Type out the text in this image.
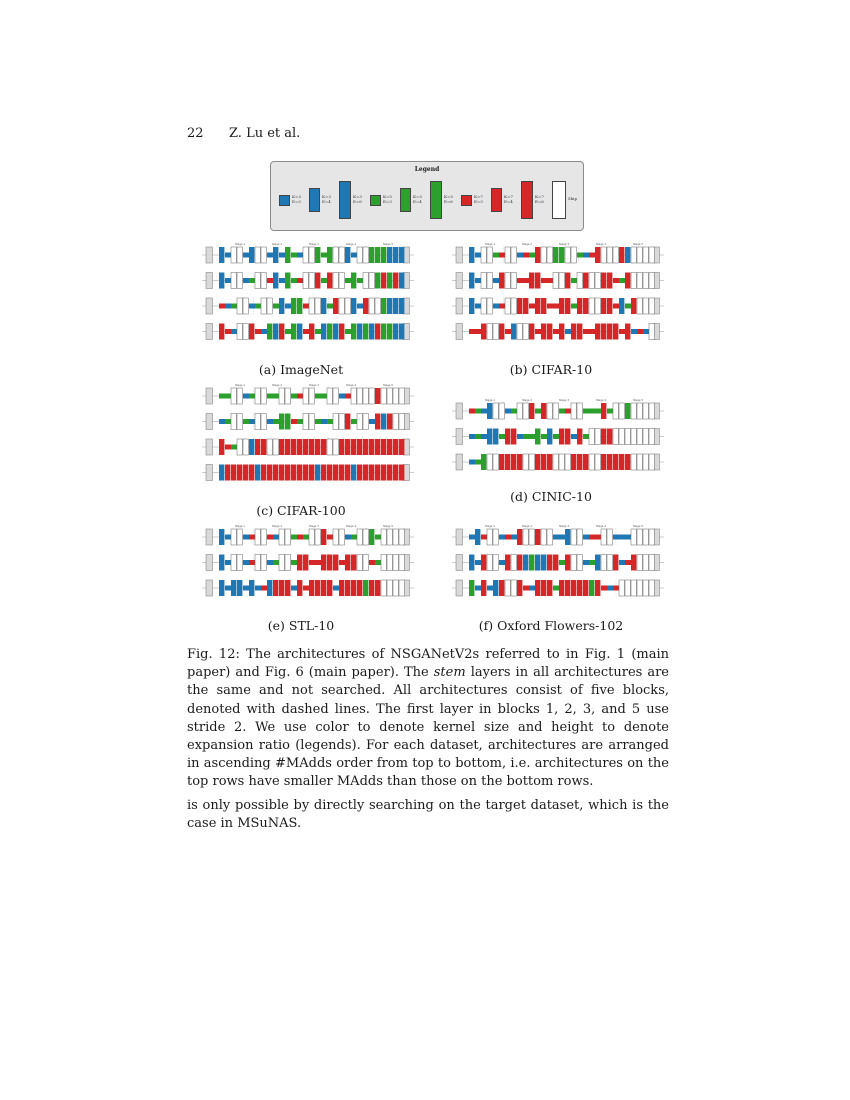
22 Z. Lu et al.
Legend
K=3
E=3
K=3
E=4
K=3
E=6
K=5
E=3
K=5
E=4
K=5
E=6
K=7
E=3
K=7
E=4
K=7
E=6
Skip
Stage 1	Stage 2	Stage 3	Stage 4	Stage 5	Stage 1	Stage 2	Stage 3	Stage 4	Stage 5
Stage 1	Stage 2	Stage 3	Stage 4	Stage 5
Stage 1	Stage 2	Stage 3	Stage 4	Stage 5
Stage 1	Stage 2	Stage 3	Stage 4	Stage 5	Stage 1	Stage 2	Stage 3	Stage 4	Stage 5
(a) ImageNet	(b) CIFAR-10
(c) CIFAR-100
(d) CINIC-10
(e) STL-10	(f) Oxford Flowers-102
Fig. 12: The architectures of NSGANetV2s referred to in Fig. 1 (main paper) and Fig. 6 (main paper). The stem layers in all architectures are the same and not searched. All architectures consist of five blocks, denoted with dashed lines. The first layer in blocks 1, 2, 3, and 5 use stride 2. We use color to denote kernel size and height to denote expansion ratio (legends). For each dataset, architectures are arranged in ascending #MAdds order from top to bottom, i.e. architectures on the top rows have smaller MAdds than those on the bottom rows.
is only possible by directly searching on the target dataset, which is the case in MSuNAS.
